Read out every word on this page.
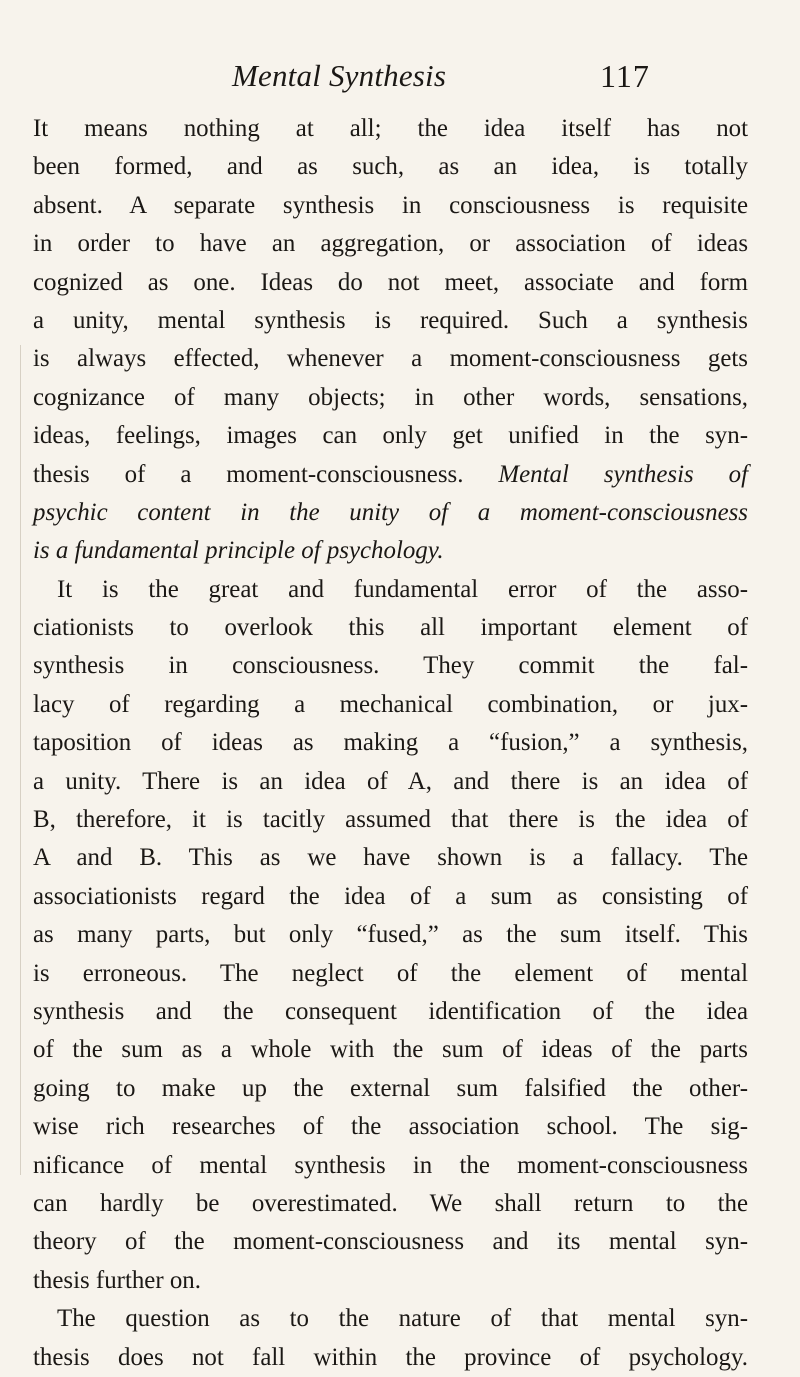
Mental Synthesis	117
It means nothing at all; the idea itself has not
been formed, and as such, as an idea, is totally
absent. A separate synthesis in consciousness is requisite
in order to have an aggregation, or association of ideas
cognized as one. Ideas do not meet, associate and form
a unity, mental synthesis is required. Such a synthesis
is always effected, whenever a moment-consciousness gets
cognizance of many objects; in other words, sensations,
ideas, feelings, images can only get unified in the syn-
thesis of a moment-consciousness. Mental synthesis of
psychic content in the unity of a moment-consciousness
is a fundamental principle of psychology.
It is the great and fundamental error of the asso-
ciationists to overlook this all important element of
synthesis in consciousness. They commit the fal-
lacy of regarding a mechanical combination, or jux-
taposition of ideas as making a “fusion,” a synthesis,
a unity. There is an idea of A, and there is an idea of
B, therefore, it is tacitly assumed that there is the idea of
A and B. This as we have shown is a fallacy. The
associationists regard the idea of a sum as consisting of
as many parts, but only “fused,” as the sum itself. This
is erroneous. The neglect of the element of mental
synthesis and the consequent identification of the idea
of the sum as a whole with the sum of ideas of the parts
going to make up the external sum falsified the other-
wise rich researches of the association school. The sig-
nificance of mental synthesis in the moment-consciousness
can hardly be overestimated. We shall return to the
theory of the moment-consciousness and its mental syn-
thesis further on.
The question as to the nature of that mental syn-
thesis does not fall within the province of psychology.
